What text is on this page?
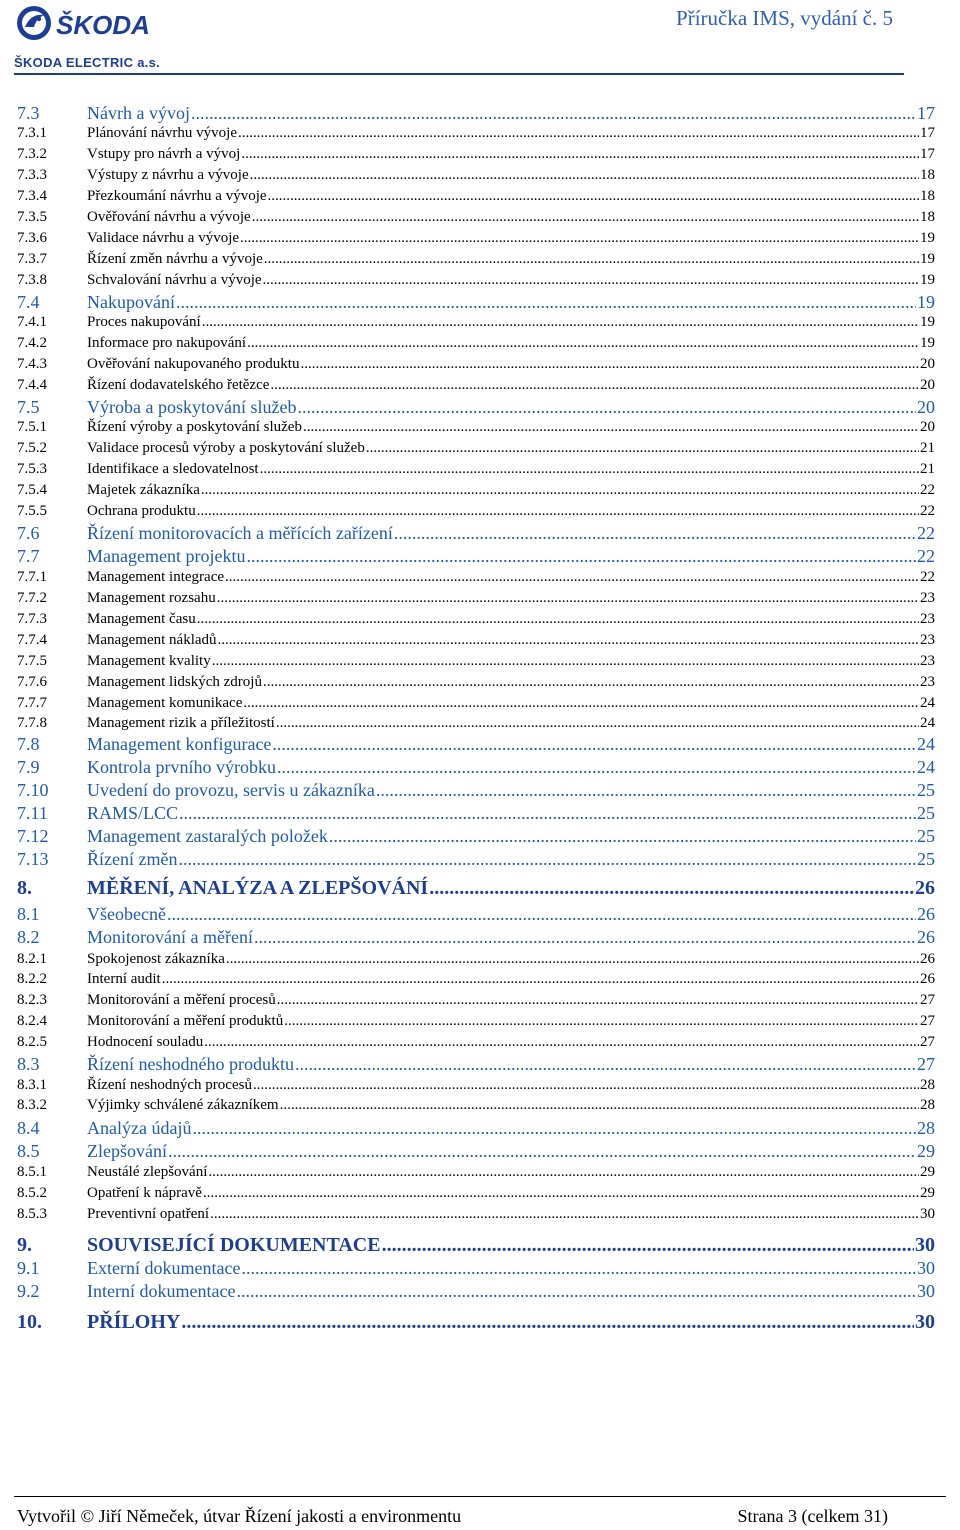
ŠKODA
ŠKODA ELECTRIC a.s.
Příručka IMS, vydání č. 5
7.3	Návrh a vývoj .....	17
7.3.1	Plánování návrhu vývoje .....	17
7.3.2	Vstupy pro návrh a vývoj .....	17
7.3.3	Výstupy z návrhu a vývoje .....	18
7.3.4	Přezkoumání návrhu a vývoje .....	18
7.3.5	Ověřování návrhu a vývoje .....	18
7.3.6	Validace návrhu a vývoje .....	19
7.3.7	Řízení změn návrhu a vývoje .....	19
7.3.8	Schvalování návrhu a vývoje .....	19
7.4	Nakupování .....	19
7.4.1	Proces nakupování .....	19
7.4.2	Informace pro nakupování .....	19
7.4.3	Ověřování nakupovaného produktu .....	20
7.4.4	Řízení dodavatelského řetězce .....	20
7.5	Výroba a poskytování služeb .....	20
7.5.1	Řízení výroby a poskytování služeb .....	20
7.5.2	Validace procesů výroby a poskytování služeb .....	21
7.5.3	Identifikace a sledovatelnost .....	21
7.5.4	Majetek zákazníka .....	22
7.5.5	Ochrana produktu .....	22
7.6	Řízení monitorovacích a měřících zařízení .....	22
7.7	Management projektu .....	22
7.7.1	Management integrace .....	22
7.7.2	Management rozsahu .....	23
7.7.3	Management času .....	23
7.7.4	Management nákladů .....	23
7.7.5	Management kvality .....	23
7.7.6	Management lidských zdrojů .....	23
7.7.7	Management komunikace .....	24
7.7.8	Management rizik a příležitostí .....	24
7.8	Management konfigurace .....	24
7.9	Kontrola prvního výrobku .....	24
7.10	Uvedení do provozu, servis u zákazníka .....	25
7.11	RAMS/LCC .....	25
7.12	Management zastaralých položek .....	25
7.13	Řízení změn .....	25
8.	MĚŘENÍ, ANALÝZA A ZLEPŠOVÁNÍ .....	26
8.1	Všeobecně .....	26
8.2	Monitorování a měření .....	26
8.2.1	Spokojenost zákazníka .....	26
8.2.2	Interní audit .....	26
8.2.3	Monitorování a měření procesů .....	27
8.2.4	Monitorování a měření produktů .....	27
8.2.5	Hodnocení souladu .....	27
8.3	Řízení neshodného produktu .....	27
8.3.1	Řízení neshodných procesů .....	28
8.3.2	Výjimky schválené zákazníkem .....	28
8.4	Analýza údajů .....	28
8.5	Zlepšování .....	29
8.5.1	Neustálé zlepšování .....	29
8.5.2	Opatření k nápravě .....	29
8.5.3	Preventivní opatření .....	30
9.	SOUVISEJÍCÍ DOKUMENTACE .....	30
9.1	Externí dokumentace .....	30
9.2	Interní dokumentace .....	30
10.	PŘÍLOHY .....	30
Vytvořil © Jiří Němeček, útvar Řízení jakosti a environmentu	Strana 3 (celkem 31)
